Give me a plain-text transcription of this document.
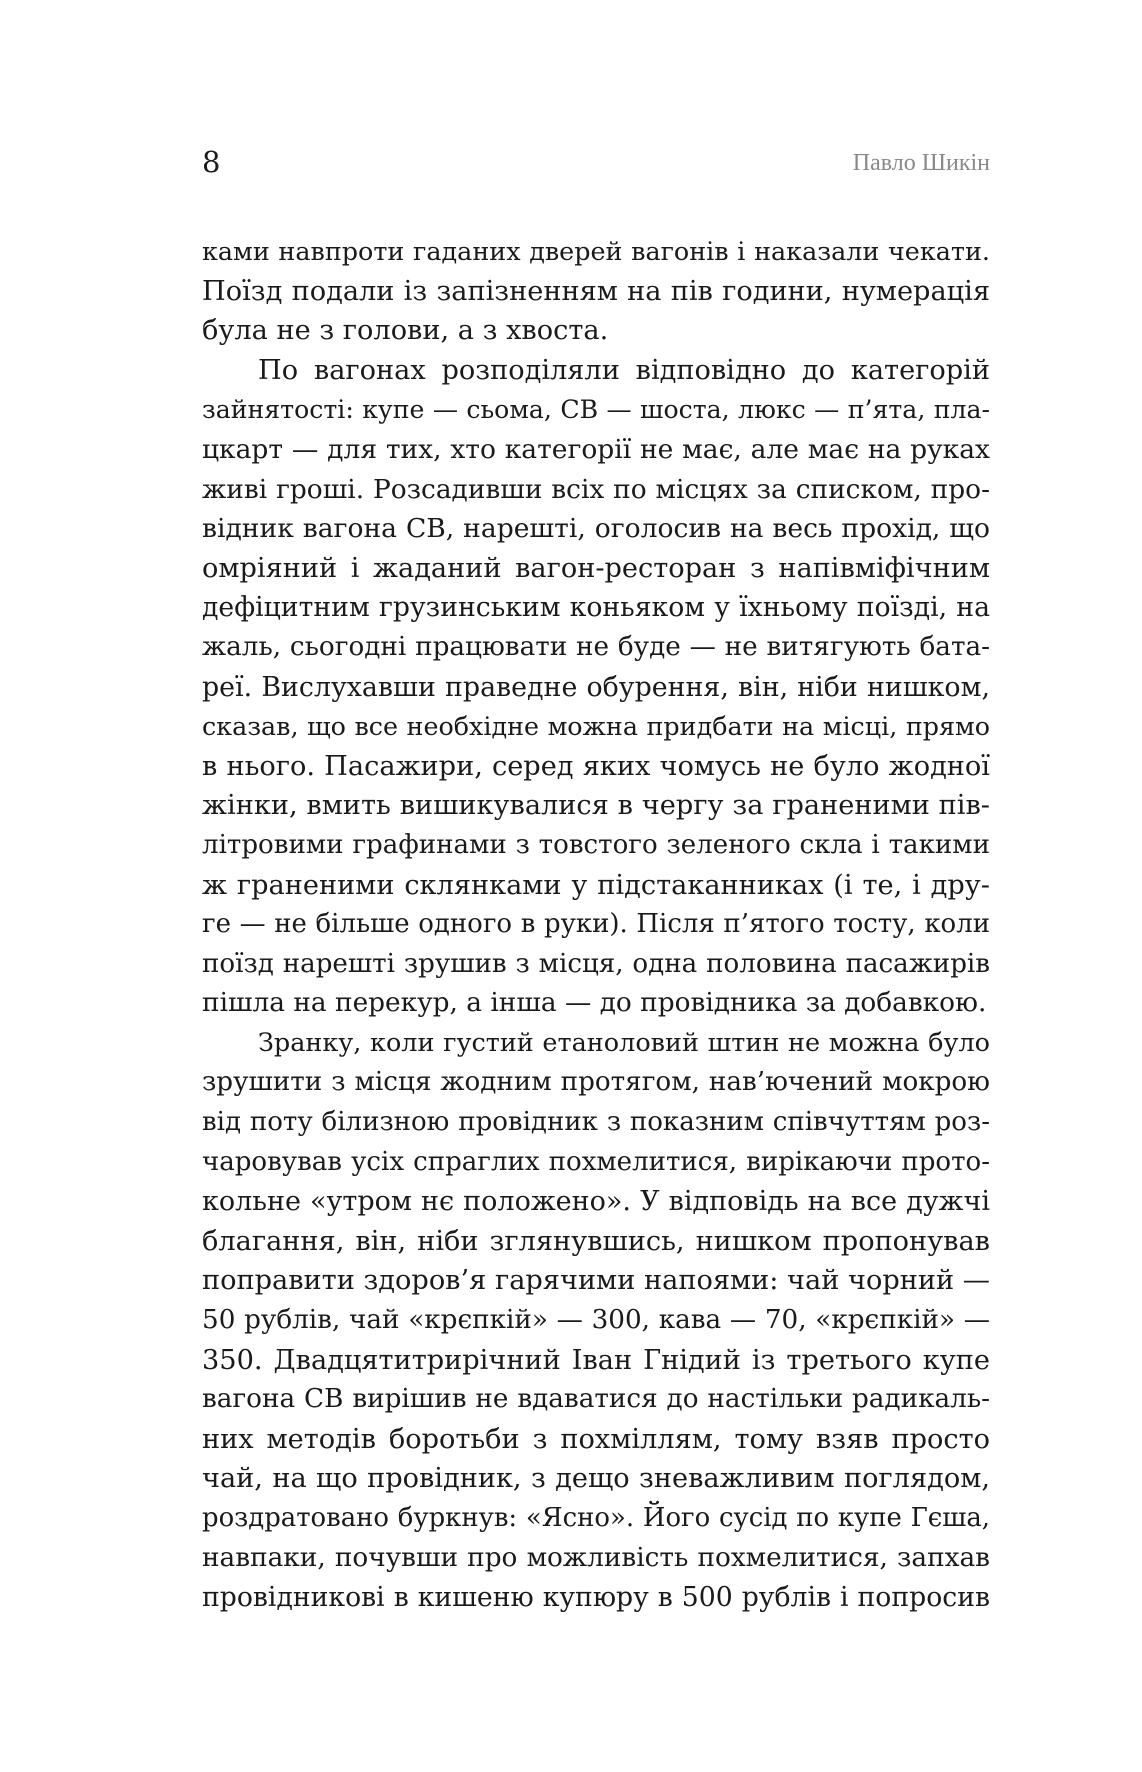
8	Павло Шикін
ками навпроти гаданих дверей вагонів і наказали чекати.
Поїзд подали із запізненням на пів години, нумерація
була не з голови, а з хвоста.
По вагонах розподіляли відповідно до категорій
зайнятості: купе — сьома, СВ — шоста, люкс — п’ята, пла-
цкарт — для тих, хто категорії не має, але має на руках
живі гроші. Розсадивши всіх по місцях за списком, про-
відник вагона СВ, нарешті, оголосив на весь прохід, що
омріяний і жаданий вагон-ресторан з напівміфічним
дефіцитним грузинським коньяком у їхньому поїзді, на
жаль, сьогодні працювати не буде — не витягують бата-
реї. Вислухавши праведне обурення, він, ніби нишком,
сказав, що все необхідне можна придбати на місці, прямо
в нього. Пасажири, серед яких чомусь не було жодної
жінки, вмить вишикувалися в чергу за граненими пів-
літровими графинами з товстого зеленого скла і такими
ж граненими склянками у підстаканниках (і те, і дру-
ге — не більше одного в руки). Після п’ятого тосту, коли
поїзд нарешті зрушив з місця, одна половина пасажирів
пішла на перекур, а інша — до провідника за добавкою.
Зранку, коли густий етаноловий штин не можна було
зрушити з місця жодним протягом, нав’ючений мокрою
від поту білизною провідник з показним співчуттям роз-
чаровував усіх спраглих похмелитися, вирікаючи прото-
кольне «утром нє положено». У відповідь на все дужчі
благання, він, ніби зглянувшись, нишком пропонував
поправити здоров’я гарячими напоями: чай чорний —
50 рублів, чай «крєпкій» — 300, кава — 70, «крєпкій» —
350. Двадцятитрирічний Іван Гнідий із третього купе
вагона СВ вирішив не вдаватися до настільки радикаль-
них методів боротьби з похміллям, тому взяв просто
чай, на що провідник, з дещо зневажливим поглядом,
роздратовано буркнув: «Ясно». Його сусід по купе Гєша,
навпаки, почувши про можливість похмелитися, запхав
провідникові в кишеню купюру в 500 рублів і попросив
